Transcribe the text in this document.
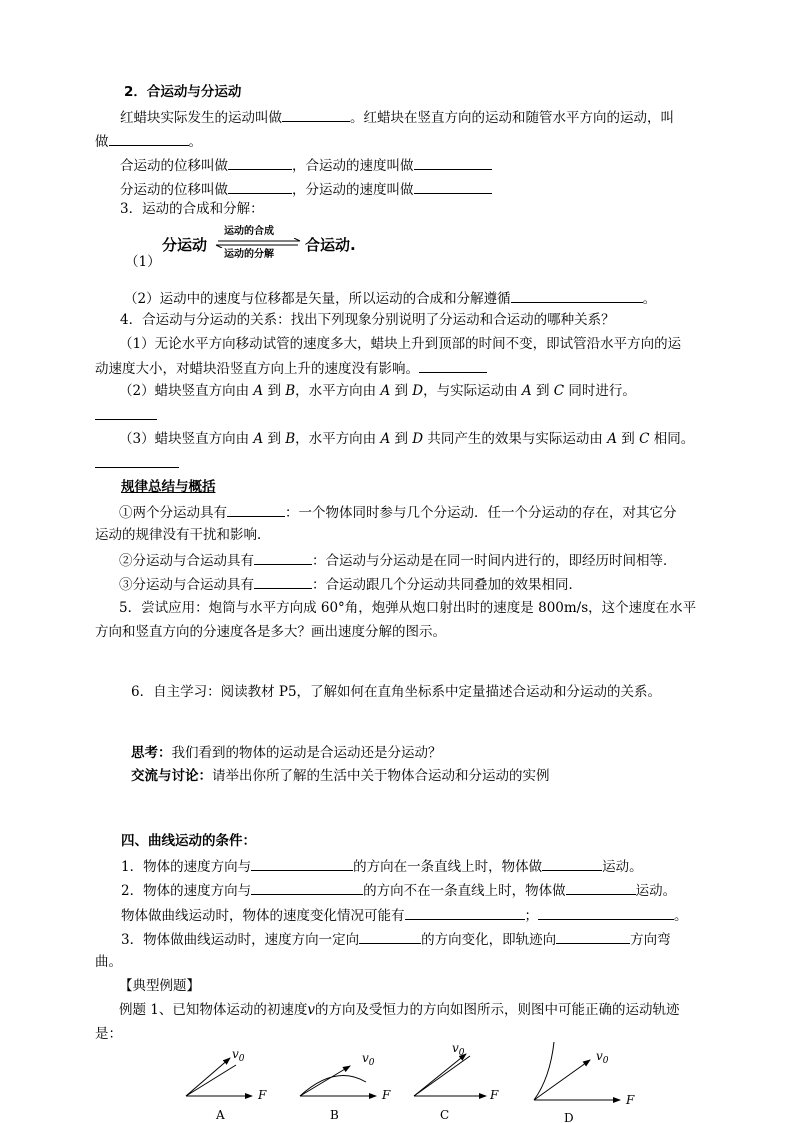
2．合运动与分运动
红蜡块实际发生的运动叫做	。红蜡块在竖直方向的运动和随管水平方向的运动，叫
做	。
合运动的位移叫做	，合运动的速度叫做
分运动的位移叫做	，分运动的速度叫做
3．运动的合成和分解：
分运动
运动的合成
运动的分解
合运动.
（1）
（2）运动中的速度与位移都是矢量，所以运动的合成和分解遵循	。
4．合运动与分运动的关系：找出下列现象分别说明了分运动和合运动的哪种关系？
（1）无论水平方向移动试管的速度多大，蜡块上升到顶部的时间不变，即试管沿水平方向的运
动速度大小，对蜡块沿竖直方向上升的速度没有影响。
（2）蜡块竖直方向由 A 到 B，水平方向由 A 到 D，与实际运动由 A 到 C 同时进行。
（3）蜡块竖直方向由 A 到 B，水平方向由 A 到 D 共同产生的效果与实际运动由 A 到 C 相同。
规律总结与概括
①两个分运动具有	：一个物体同时参与几个分运动．任一个分运动的存在，对其它分
运动的规律没有干扰和影响．
②分运动与合运动具有	：合运动与分运动是在同一时间内进行的，即经历时间相等．
③分运动与合运动具有	：合运动跟几个分运动共同叠加的效果相同．
5．尝试应用：炮筒与水平方向成 60°角，炮弹从炮口射出时的速度是 800m/s，这个速度在水平
方向和竖直方向的分速度各是多大？画出速度分解的图示。
6．自主学习：阅读教材 P5，了解如何在直角坐标系中定量描述合运动和分运动的关系。
思考：我们看到的物体的运动是合运动还是分运动？
交流与讨论：请举出你所了解的生活中关于物体合运动和分运动的实例
四、曲线运动的条件：
1．物体的速度方向与	的方向在一条直线上时，物体做	运动。
2．物体的速度方向与	的方向不在一条直线上时，物体做	运动。
物体做曲线运动时，物体的速度变化情况可能有	；	。
3．物体做曲线运动时，速度方向一定向	的方向变化，即轨迹向	方向弯
曲。
【典型例题】
例题 1、已知物体运动的初速度v的方向及受恒力的方向如图所示，则图中可能正确的运动轨迹
是：
$v_0$
F
A
$v_0$
F
B
$v_0$
F
C
$v_0$
F
D
